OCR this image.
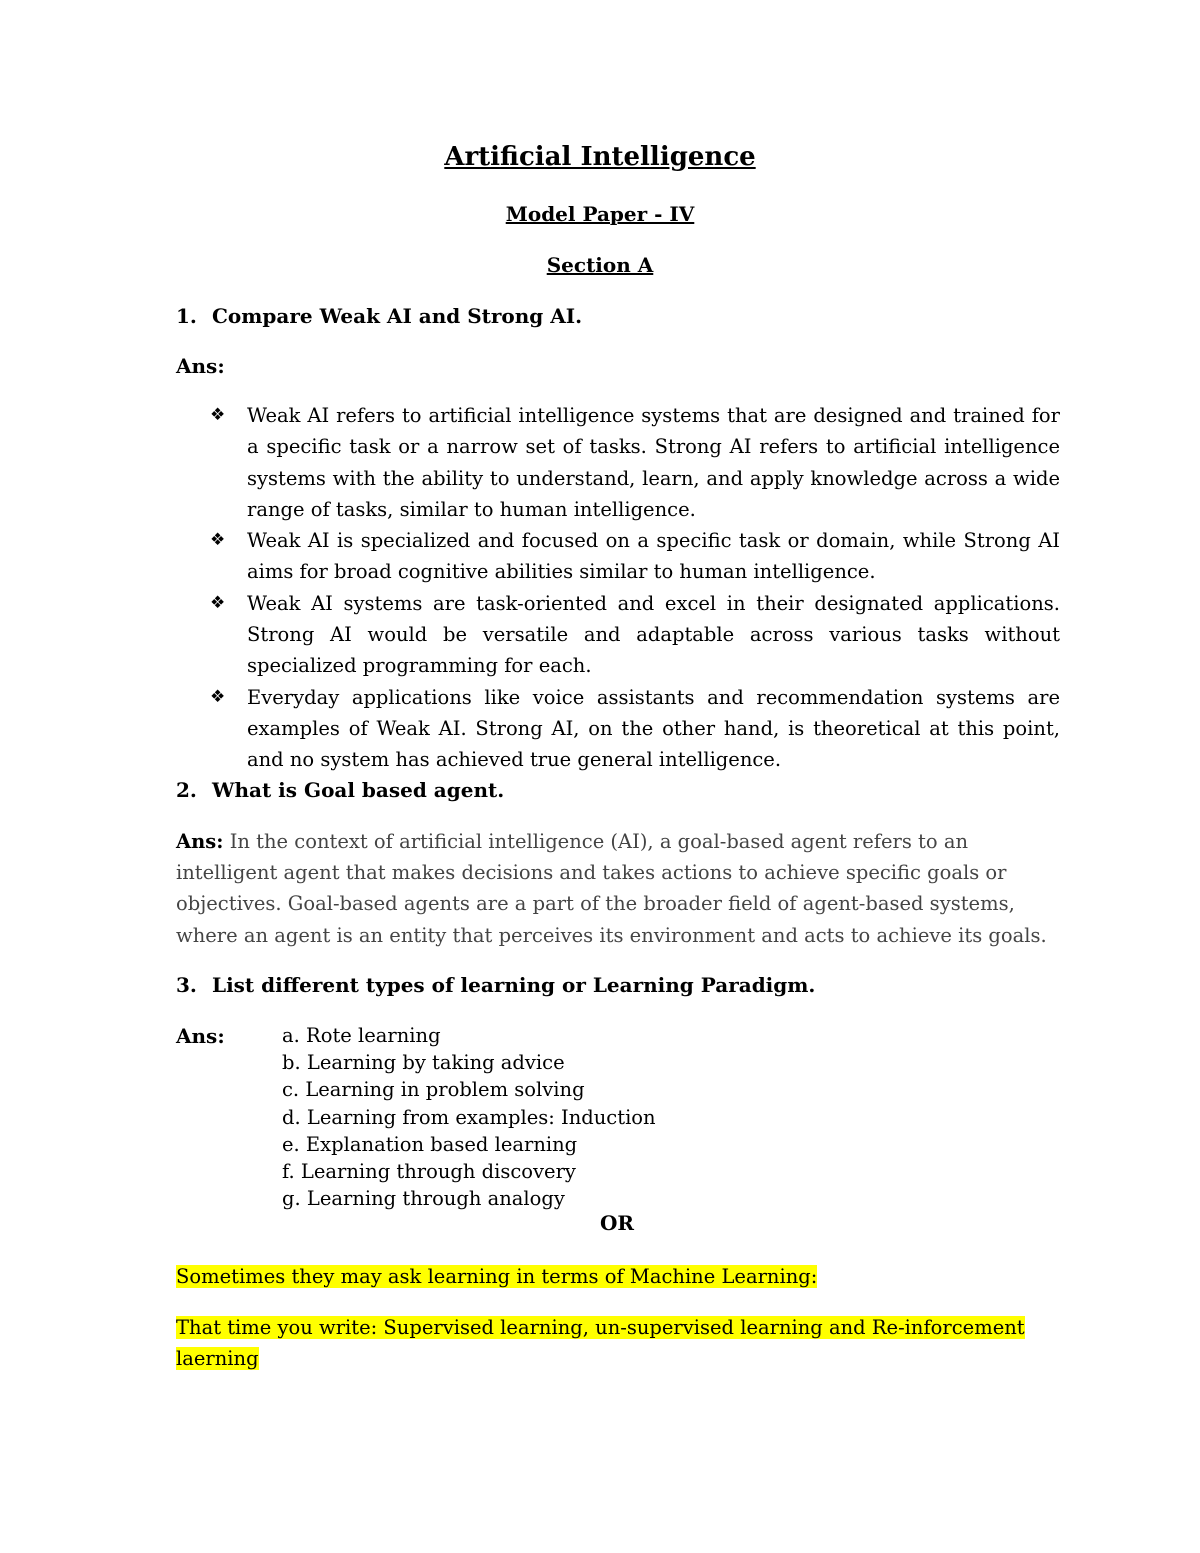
Artificial Intelligence
Model Paper - IV
Section A
1. Compare Weak AI and Strong AI.
Ans:
❖	Weak AI refers to artificial intelligence systems that are designed and trained for a specific task or a narrow set of tasks. Strong AI refers to artificial intelligence systems with the ability to understand, learn, and apply knowledge across a wide range of tasks, similar to human intelligence.
❖	Weak AI is specialized and focused on a specific task or domain, while Strong AI aims for broad cognitive abilities similar to human intelligence.
❖	Weak AI systems are task-oriented and excel in their designated applications. Strong AI would be versatile and adaptable across various tasks without specialized programming for each.
❖	Everyday applications like voice assistants and recommendation systems are examples of Weak AI. Strong AI, on the other hand, is theoretical at this point, and no system has achieved true general intelligence.
2. What is Goal based agent.
Ans: In the context of artificial intelligence (AI), a goal-based agent refers to an intelligent agent that makes decisions and takes actions to achieve specific goals or objectives. Goal-based agents are a part of the broader field of agent-based systems, where an agent is an entity that perceives its environment and acts to achieve its goals.
3. List different types of learning or Learning Paradigm.
Ans:	a. Rote learning
b. Learning by taking advice
c. Learning in problem solving
d. Learning from examples: Induction
e. Explanation based learning
f. Learning through discovery
g. Learning through analogy
OR
Sometimes they may ask learning in terms of Machine Learning:
That time you write: Supervised learning, un-supervised learning and Re-inforcement laerning
